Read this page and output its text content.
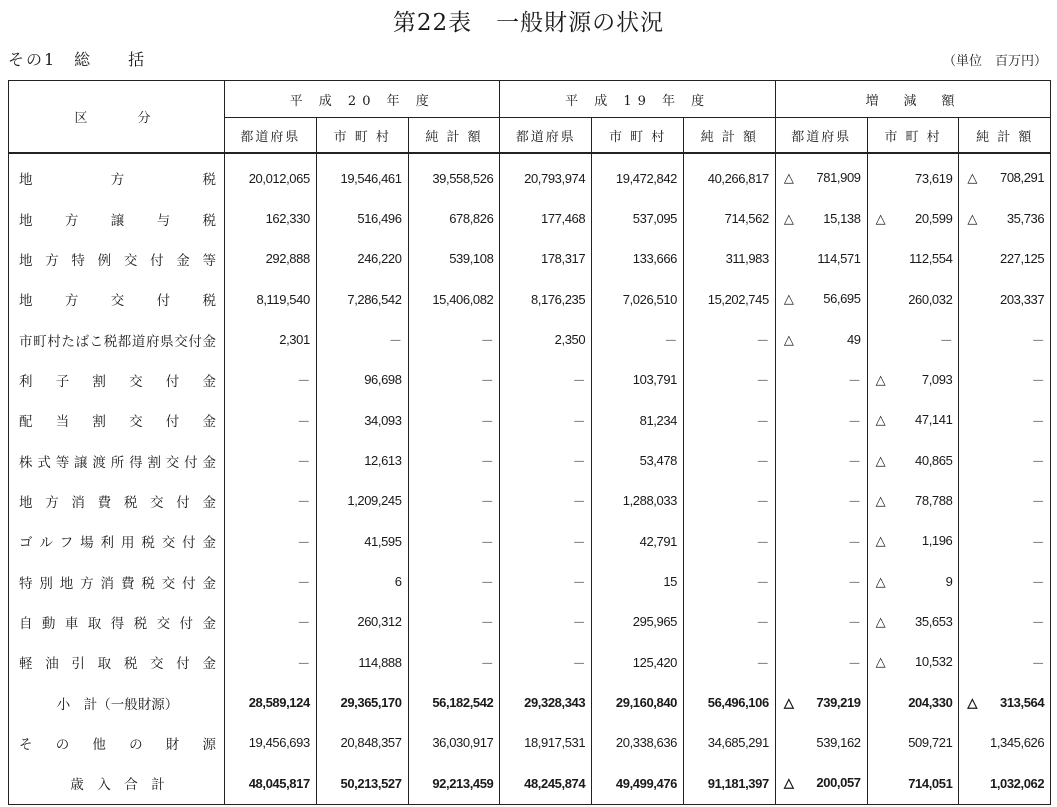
第22表　一般財源の状況
その1　総　　括	（単位　百万円）
区　　分	平 成 20 年 度			平 成 19 年 度			増　減　額		
	都道府県	市 町 村	純 計 額	都道府県	市 町 村	純 計 額	都道府県	市 町 村	純 計 額
地　方　税	20,012,065	19,546,461	39,558,526	20,793,974	19,472,842	40,266,817	△ 781,909	73,619	△ 708,291

地方譲与税	162,330	516,496	678,826	177,468	537,095	714,562	△ 15,138	△ 20,599	△ 35,736

地方特例交付金等	292,888	246,220	539,108	178,317	133,666	311,983	114,571	112,554	227,125
地方交付税	8,119,540	7,286,542	15,406,082	8,176,235	7,026,510	15,202,745	△ 56,695	260,032	203,337
市町村たばこ税都道府県交付金	2,301	－	－	2,350	－	－	△ 49	－	－
利子割交付金	－	96,698	－	－	103,791	－	－	△ 7,093	－
配当割交付金	－	34,093	－	－	81,234	－	－	△ 47,141	－
株式等譲渡所得割交付金	－	12,613	－	－	53,478	－	－	△ 40,865	－
地方消費税交付金	－	1,209,245	－	－	1,288,033	－	－	△ 78,788	－
ゴルフ場利用税交付金	－	41,595	－	－	42,791	－	－	△ 1,196	－
特別地方消費税交付金	－	6	－	－	15	－	－	△ 9	－
自動車取得税交付金	－	260,312	－	－	295,965	－	－	△ 35,653	－
軽油引取税交付金	－	114,888	－	－	125,420	－	－	△ 10,532	－
小　計（一般財源）	28,589,124	29,365,170	56,182,542	29,328,343	29,160,840	56,496,106	△ 739,219	204,330	△ 313,564

その他の財源	19,456,693	20,848,357	36,030,917	18,917,531	20,338,636	34,685,291	539,162	509,721	1,345,626
歳　入　合　計	48,045,817	50,213,527	92,213,459	48,245,874	49,499,476	91,181,397	△ 200,057	714,051	1,032,062
